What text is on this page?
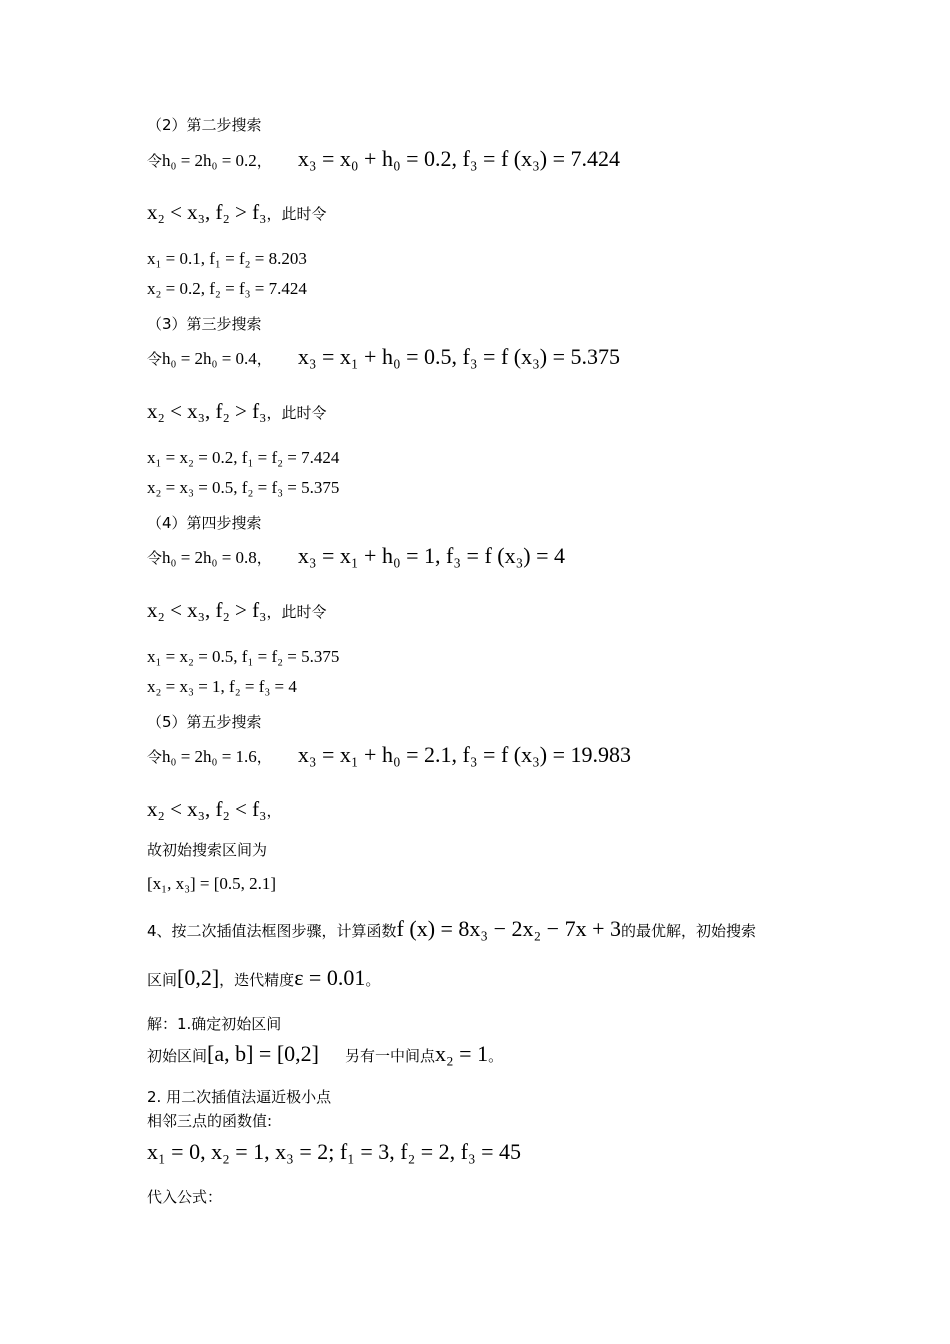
（2）第二步搜索
令h₀ = 2h₀ = 0.2， x₃ = x₀ + h₀ = 0.2, f₃ = f (x₃) = 7.424
x₂ < x₃, f₂ > f₃，此时令
x₁ = 0.1, f₁ = f₂ = 8.203
x₂ = 0.2, f₂ = f₃ = 7.424
（3）第三步搜索
令h₀ = 2h₀ = 0.4， x₃ = x₁ + h₀ = 0.5, f₃ = f (x₃) = 5.375
x₂ < x₃, f₂ > f₃，此时令
x₁ = x₂ = 0.2, f₁ = f₂ = 7.424
x₂ = x₃ = 0.5, f₂ = f₃ = 5.375
（4）第四步搜索
令h₀ = 2h₀ = 0.8， x₃ = x₁ + h₀ = 1, f₃ = f (x₃) = 4
x₂ < x₃, f₂ > f₃，此时令
x₁ = x₂ = 0.5, f₁ = f₂ = 5.375
x₂ = x₃ = 1, f₂ = f₃ = 4
（5）第五步搜索
令h₀ = 2h₀ = 1.6， x₃ = x₁ + h₀ = 2.1, f₃ = f (x₃) = 19.983
x₂ < x₃, f₂ < f₃，
故初始搜索区间为
[x₁, x₃] = [0.5, 2.1]
4、按二次插值法框图步骤，计算函数f (x) = 8x₃ − 2x₂ − 7x + 3的最优解，初始搜索
区间[0,2]，迭代精度ε = 0.01。
解：1.确定初始区间
初始区间[a, b] = [0,2] 另有一中间点x₂ = 1。
2. 用二次插值法逼近极小点
相邻三点的函数值:
x₁ = 0, x₂ = 1, x₃ = 2; f₁ = 3, f₂ = 2, f₃ = 45
代入公式：
